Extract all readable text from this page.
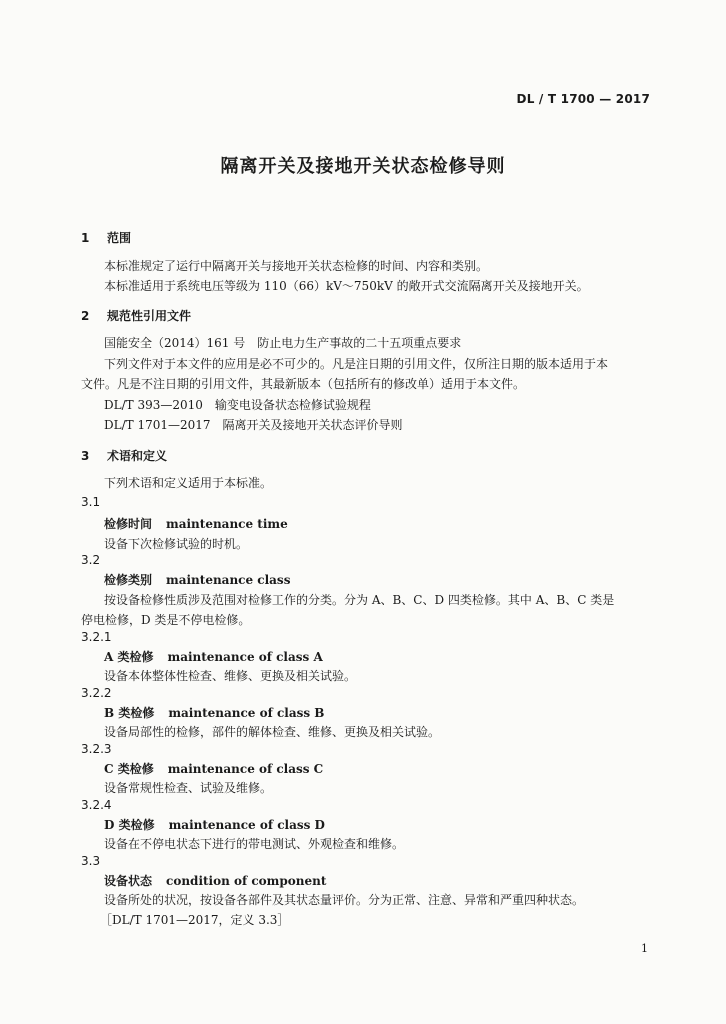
DL / T 1700 — 2017
隔离开关及接地开关状态检修导则
1 范围
本标准规定了运行中隔离开关与接地开关状态检修的时间、内容和类别。
本标准适用于系统电压等级为 110（66）kV～750kV 的敞开式交流隔离开关及接地开关。
2 规范性引用文件
国能安全（2014）161 号　防止电力生产事故的二十五项重点要求
下列文件对于本文件的应用是必不可少的。凡是注日期的引用文件，仅所注日期的版本适用于本
文件。凡是不注日期的引用文件，其最新版本（包括所有的修改单）适用于本文件。
DL/T 393—2010　输变电设备状态检修试验规程
DL/T 1701—2017　隔离开关及接地开关状态评价导则
3 术语和定义
下列术语和定义适用于本标准。
3.1
检修时间 maintenance time
设备下次检修试验的时机。
3.2
检修类别 maintenance class
按设备检修性质涉及范围对检修工作的分类。分为 A、B、C、D 四类检修。其中 A、B、C 类是
停电检修，D 类是不停电检修。
3.2.1
A 类检修 maintenance of class A
设备本体整体性检查、维修、更换及相关试验。
3.2.2
B 类检修 maintenance of class B
设备局部性的检修，部件的解体检查、维修、更换及相关试验。
3.2.3
C 类检修 maintenance of class C
设备常规性检查、试验及维修。
3.2.4
D 类检修 maintenance of class D
设备在不停电状态下进行的带电测试、外观检查和维修。
3.3
设备状态 condition of component
设备所处的状况，按设备各部件及其状态量评价。分为正常、注意、异常和严重四种状态。
［DL/T 1701—2017，定义 3.3］
1
